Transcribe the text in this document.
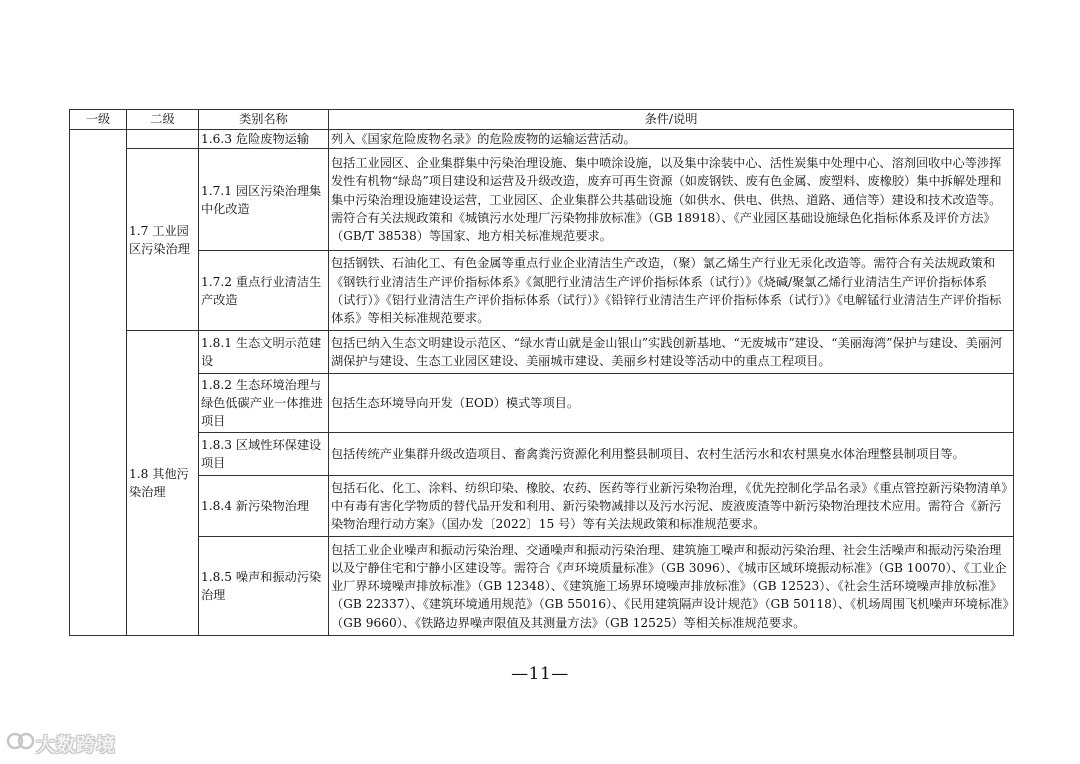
一级	二级	类别名称	条件/说明
		1.6.3 危险废物运输	列入《国家危险废物名录》的危险废物的运输运营活动。
	1.7 工业园区污染治理	1.7.1 园区污染治理集中化改造	包括工业园区、企业集群集中污染治理设施、集中喷涂设施，以及集中涂装中心、活性炭集中处理中心、溶剂回收中心等涉挥发性有机物“绿岛”项目建设和运营及升级改造，废弃可再生资源（如废钢铁、废有色金属、废塑料、废橡胶）集中拆解处理和集中污染治理设施建设运营，工业园区、企业集群公共基础设施（如供水、供电、供热、道路、通信等）建设和技术改造等。需符合有关法规政策和《城镇污水处理厂污染物排放标准》（GB 18918）、《产业园区基础设施绿色化指标体系及评价方法》（GB/T 38538）等国家、地方相关标准规范要求。
		1.7.2 重点行业清洁生产改造	包括钢铁、石油化工、有色金属等重点行业企业清洁生产改造，（聚）氯乙烯生产行业无汞化改造等。需符合有关法规政策和《钢铁行业清洁生产评价指标体系》《氮肥行业清洁生产评价指标体系（试行）》《烧碱/聚氯乙烯行业清洁生产评价指标体系（试行）》《铝行业清洁生产评价指标体系（试行）》《铅锌行业清洁生产评价指标体系（试行）》《电解锰行业清洁生产评价指标体系》等相关标准规范要求。
	1.8 其他污染治理	1.8.1 生态文明示范建设	包括已纳入生态文明建设示范区、“绿水青山就是金山银山”实践创新基地、“无废城市”建设、“美丽海湾”保护与建设、美丽河湖保护与建设、生态工业园区建设、美丽城市建设、美丽乡村建设等活动中的重点工程项目。
		1.8.2 生态环境治理与绿色低碳产业一体推进项目	包括生态环境导向开发（EOD）模式等项目。
		1.8.3 区域性环保建设项目	包括传统产业集群升级改造项目、畜禽粪污资源化利用整县制项目、农村生活污水和农村黑臭水体治理整县制项目等。
		1.8.4 新污染物治理	包括石化、化工、涂料、纺织印染、橡胶、农药、医药等行业新污染物治理，《优先控制化学品名录》《重点管控新污染物清单》中有毒有害化学物质的替代品开发和利用、新污染物减排以及污水污泥、废液废渣等中新污染物治理技术应用。需符合《新污染物治理行动方案》（国办发〔2022〕15 号）等有关法规政策和标准规范要求。
		1.8.5 噪声和振动污染治理	包括工业企业噪声和振动污染治理、交通噪声和振动污染治理、建筑施工噪声和振动污染治理、社会生活噪声和振动污染治理以及宁静住宅和宁静小区建设等。需符合《声环境质量标准》（GB 3096）、《城市区域环境振动标准》（GB 10070）、《工业企业厂界环境噪声排放标准》（GB 12348）、《建筑施工场界环境噪声排放标准》（GB 12523）、《社会生活环境噪声排放标准》（GB 22337）、《建筑环境通用规范》（GB 55016）、《民用建筑隔声设计规范》（GB 50118）、《机场周围飞机噪声环境标准》（GB 9660）、《铁路边界噪声限值及其测量方法》（GB 12525）等相关标准规范要求。
—11—
大数跨境
